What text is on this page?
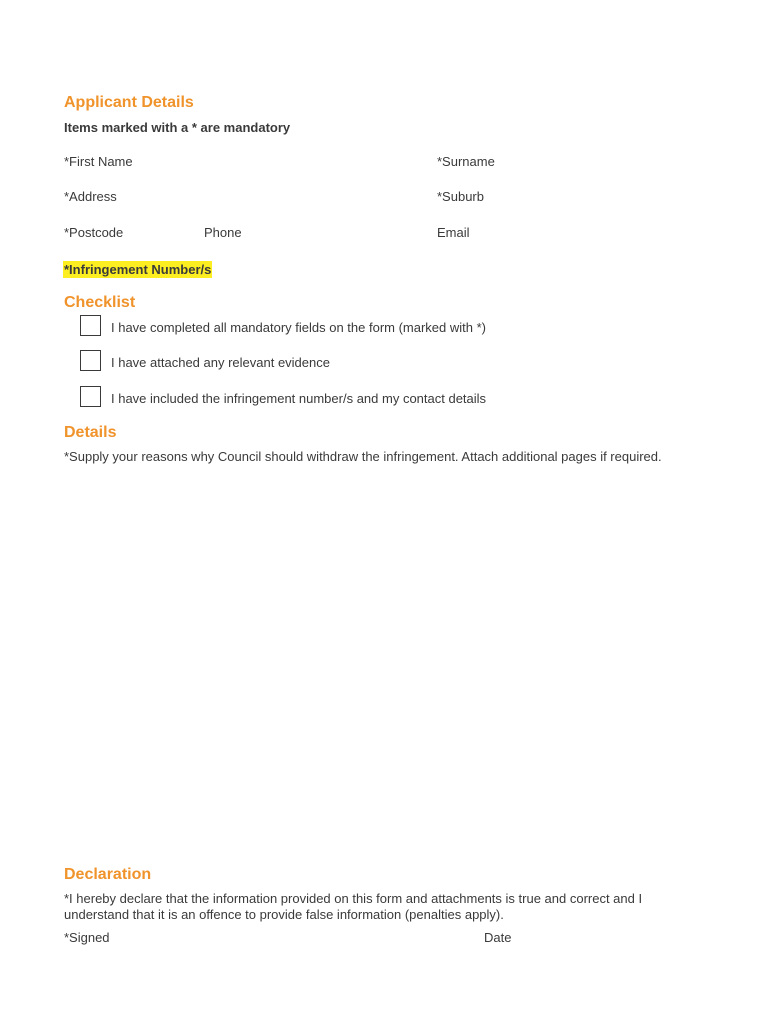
Applicant Details
Items marked with a * are mandatory
*First Name	*Surname
*Address	*Suburb
*Postcode	Phone	Email
*Infringement Number/s
Checklist
I have completed all mandatory fields on the form (marked with *)
I have attached any relevant evidence
I have included the infringement number/s and my contact details
Details
*Supply your reasons why Council should withdraw the infringement. Attach additional pages if required.
Declaration
*I hereby declare that the information provided on this form and attachments is true and correct and I understand that it is an offence to provide false information (penalties apply).
*Signed	Date
